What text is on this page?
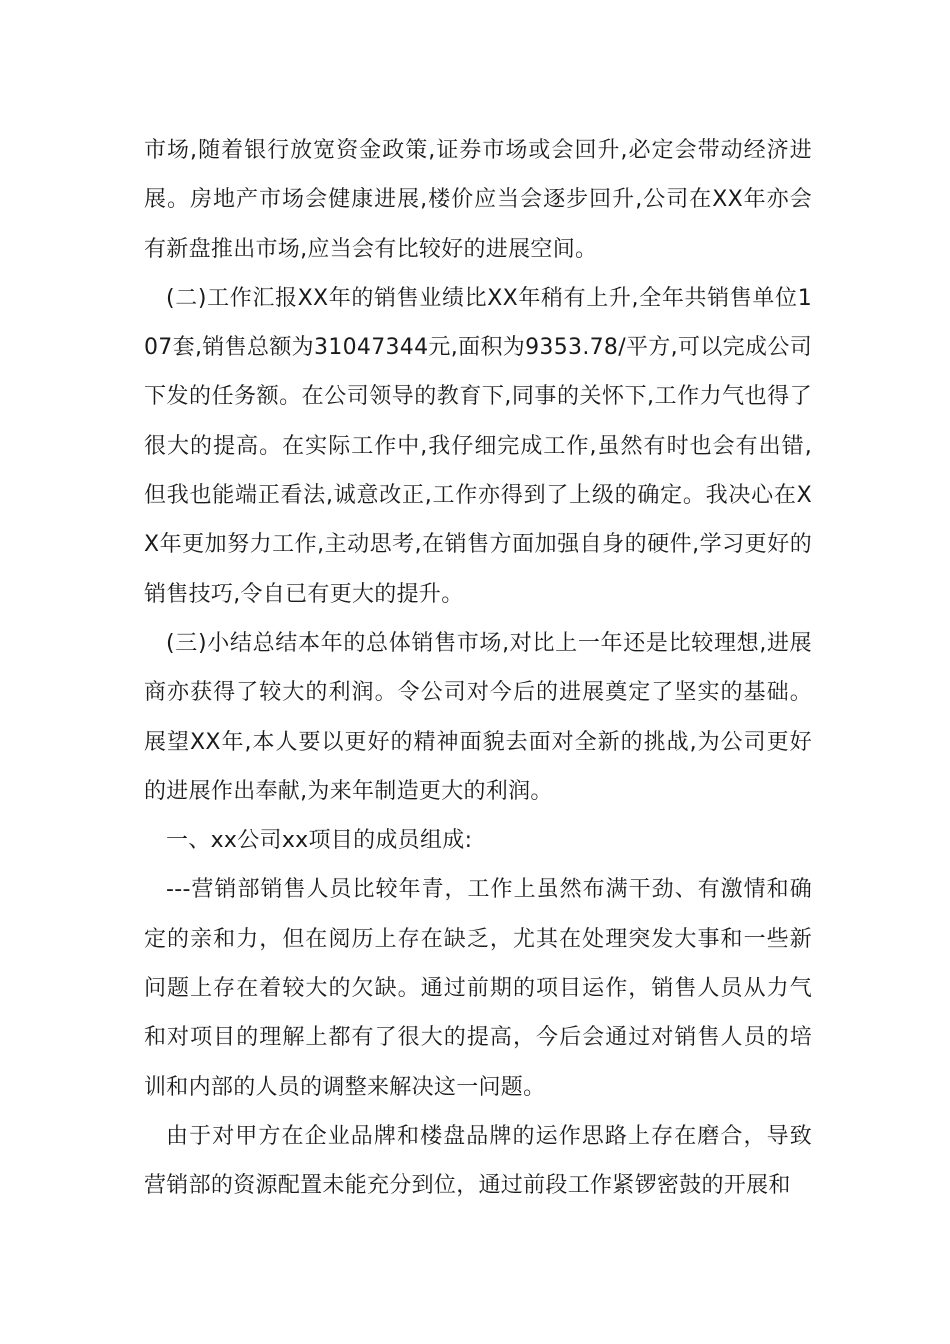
市场,随着银行放宽资金政策,证券市场或会回升,必定会带动经济进展。房地产市场会健康进展,楼价应当会逐步回升,公司在XX年亦会有新盘推出市场,应当会有比较好的进展空间。

(二)工作汇报XX年的销售业绩比XX年稍有上升,全年共销售单位107套,销售总额为31047344元,面积为9353.78/平方,可以完成公司下发的任务额。在公司领导的教育下,同事的关怀下,工作力气也得了很大的提高。在实际工作中,我仔细完成工作,虽然有时也会有出错,但我也能端正看法,诚意改正,工作亦得到了上级的确定。我决心在XX年更加努力工作,主动思考,在销售方面加强自身的硬件,学习更好的销售技巧,令自已有更大的提升。

(三)小结总结本年的总体销售市场,对比上一年还是比较理想,进展商亦获得了较大的利润。令公司对今后的进展奠定了坚实的基础。展望XX年,本人要以更好的精神面貌去面对全新的挑战,为公司更好的进展作出奉献,为来年制造更大的利润。

一、xx公司xx项目的成员组成:

---营销部销售人员比较年青，工作上虽然布满干劲、有激情和确定的亲和力，但在阅历上存在缺乏，尤其在处理突发大事和一些新问题上存在着较大的欠缺。通过前期的项目运作，销售人员从力气和对项目的理解上都有了很大的提高，今后会通过对销售人员的培训和内部的人员的调整来解决这一问题。

由于对甲方在企业品牌和楼盘品牌的运作思路上存在磨合，导致营销部的资源配置未能充分到位，通过前段工作紧锣密鼓的开展和
